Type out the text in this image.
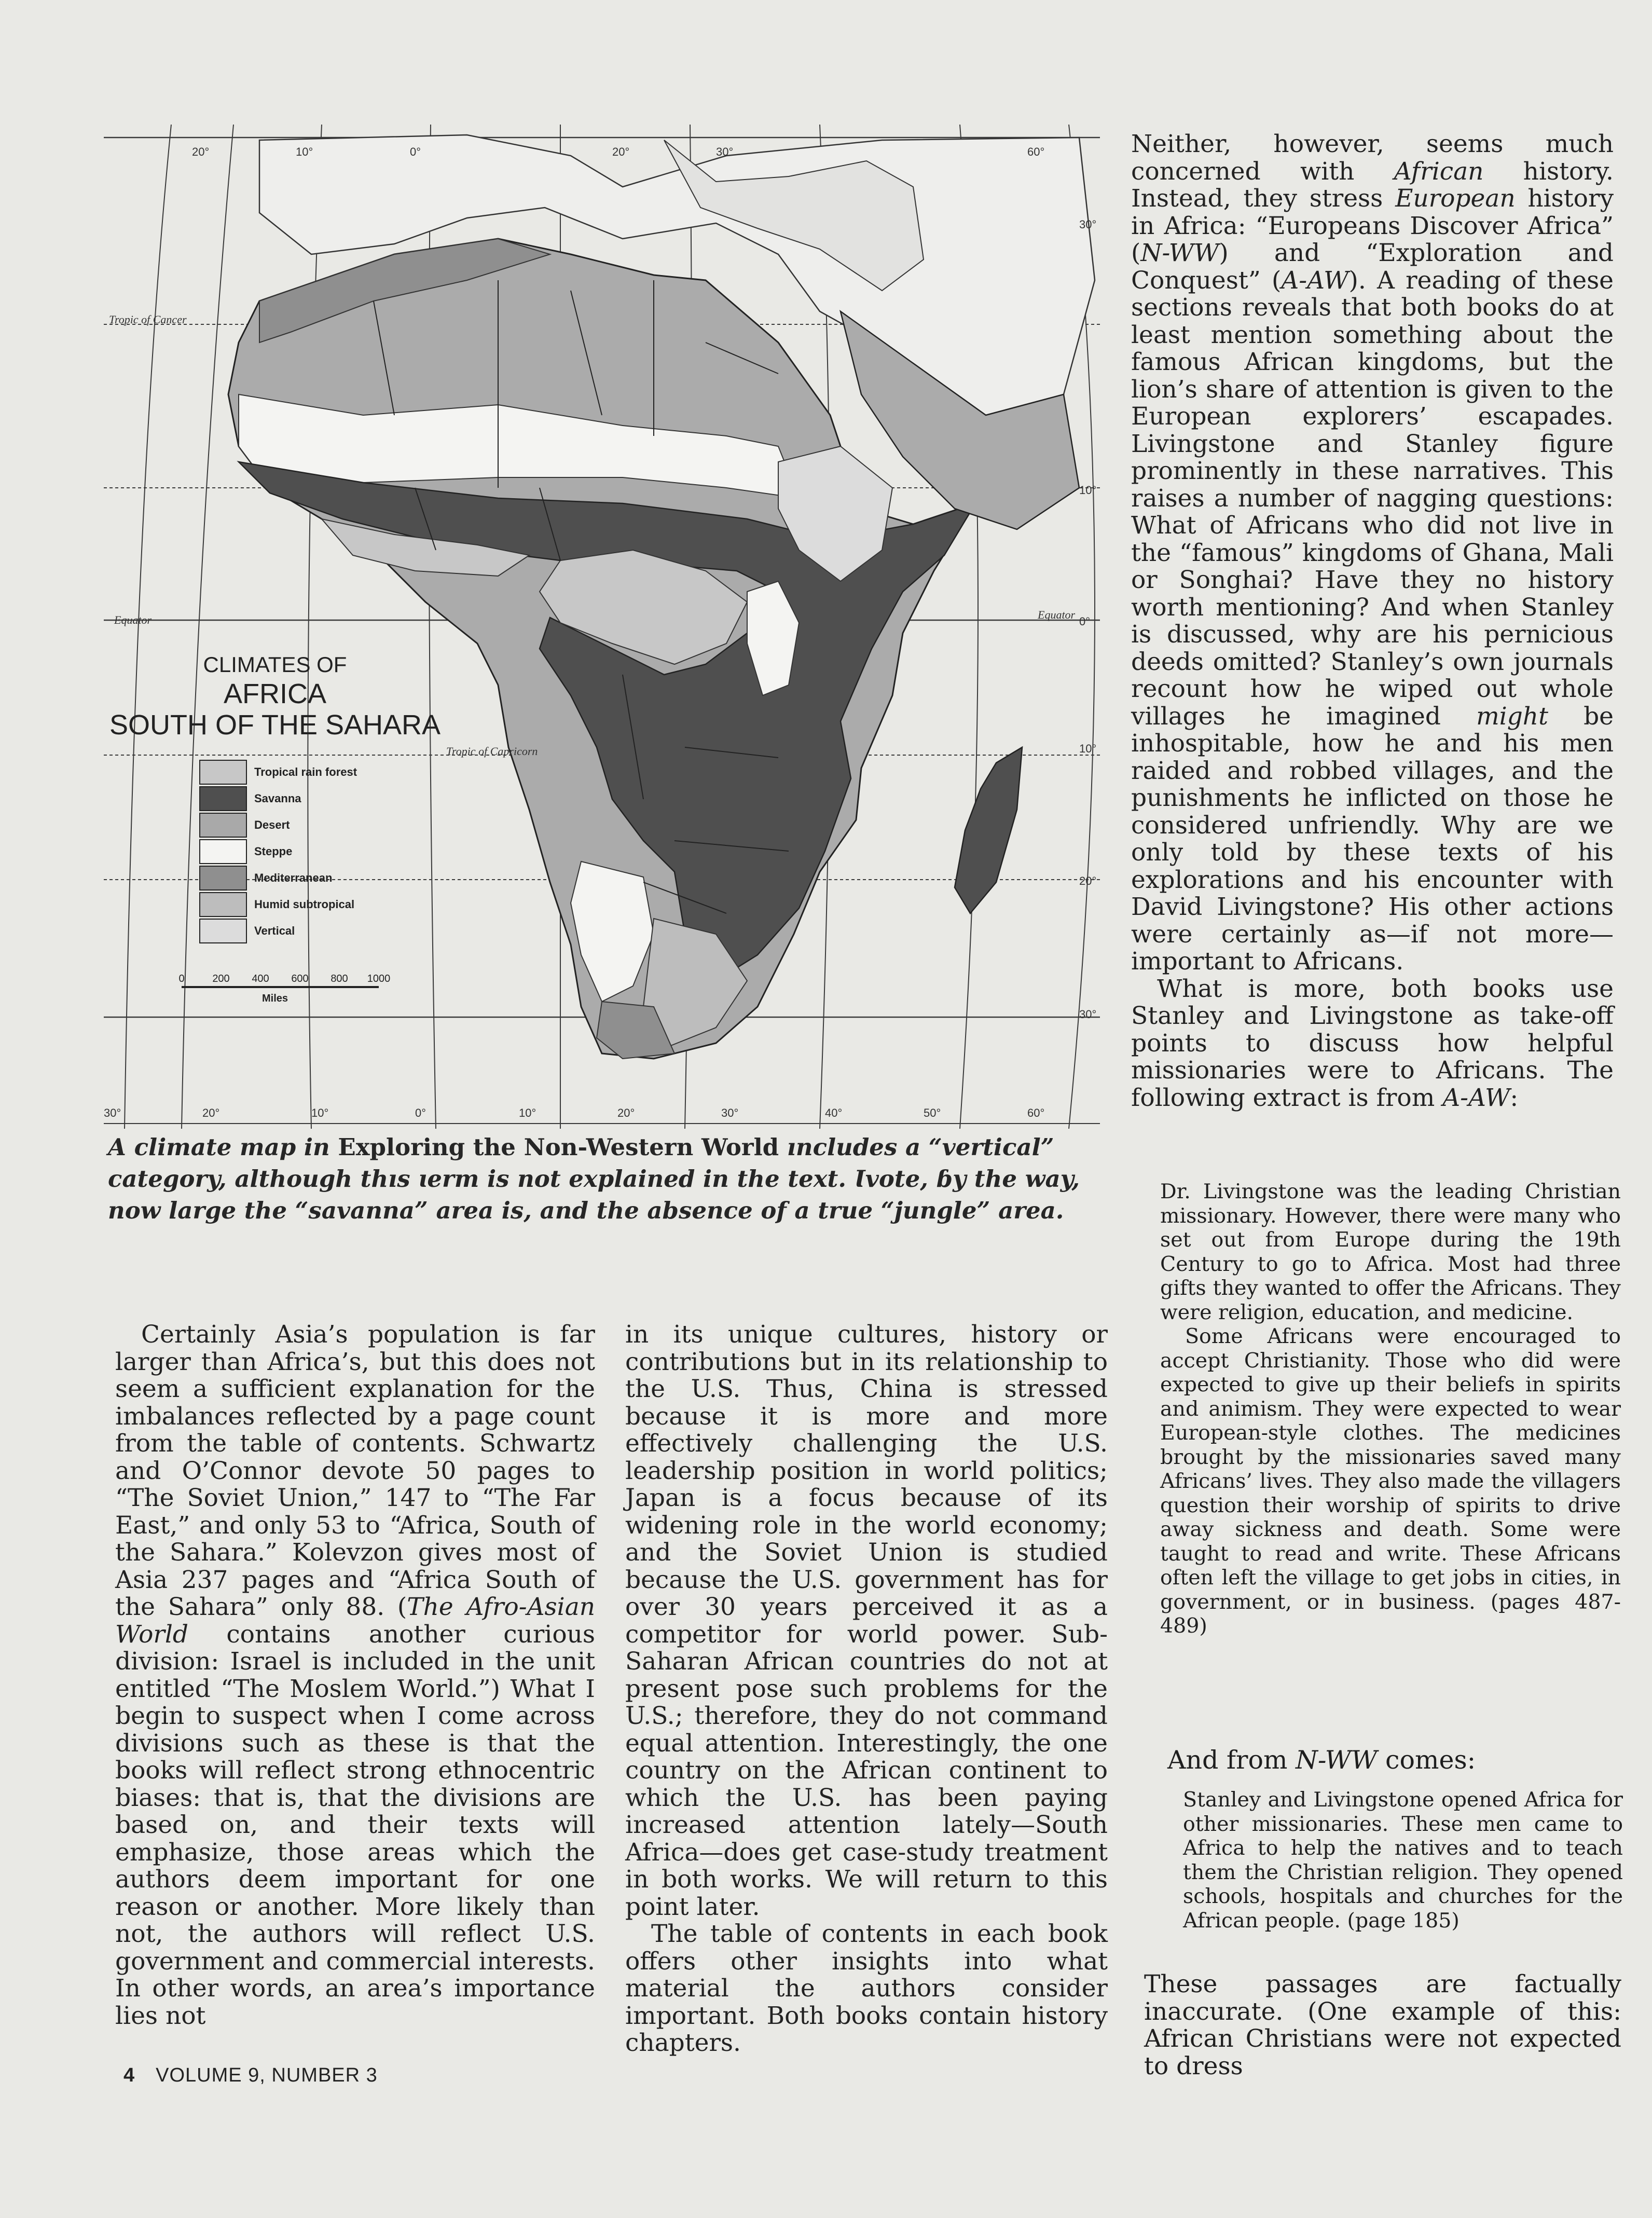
Tropic of Cancer
Equator	Equator
Tropic of Capricorn
20°	10°	0°	20°	30°	60°
30°	20°	10°	0°	10°	20°	30°	40°	50°	60°
30°
10°
0°
10°
20°
30°
CLIMATES OF
AFRICA
SOUTH OF THE SAHARA
Tropical rain forest
Savanna
Desert
Steppe
Mediterranean
Humid subtropical
Vertical
0	200 400 600 800 1000
Miles

A climate map in Exploring the Non-Western World ıncludes a “vertical” category, although thıs ɩerm is not explained in the text. Ɩvote, ɓy the way, now large the “savanna” area is, and the absence of a true “jungle” area.

Certainly Asia’s population is far larger than Africa’s, but this does not seem a sufficient explanation for the imbalances reflected by a page count from the table of contents. Schwartz and O’Connor devote 50 pages to “The Soviet Union,” 147 to “The Far East,” and only 53 to “Africa, South of the Sahara.” Kolevzon gives most of Asia 237 pages and “Africa South of the Sahara” only 88. (The Afro-Asian World contains another curious division: Israel is included in the unit entitled “The Moslem World.”) What I begin to suspect when I come across divisions such as these is that the books will reflect strong ethnocentric biases: that is, that the divisions are based on, and their texts will emphasize, those areas which the authors deem important for one reason or another. More likely than not, the authors will reflect U.S. government and commercial interests. In other words, an area’s importance lies not

in its unique cultures, history or contributions but in its relationship to the U.S. Thus, China is stressed because it is more and more effectively challenging the U.S. leadership position in world politics; Japan is a focus because of its widening role in the world economy; and the Soviet Union is studied because the U.S. government has for over 30 years perceived it as a competitor for world power. Sub-Saharan African countries do not at present pose such problems for the U.S.; therefore, they do not command equal attention. Interestingly, the one country on the African continent to which the U.S. has been paying increased attention lately—South Africa—does get case-study treatment in both works. We will return to this point later.

The table of contents in each book offers other insights into what material the authors consider important. Both books contain history chapters.

Neither, however, seems much concerned with African history. Instead, they stress European history in Africa: “Europeans Discover Africa” (N-WW) and “Exploration and Conquest” (A-AW). A reading of these sections reveals that both books do at least mention something about the famous African kingdoms, but the lion’s share of attention is given to the European explorers’ escapades. Livingstone and Stanley figure prominently in these narratives. This raises a number of nagging questions: What of Africans who did not live in the “famous” kingdoms of Ghana, Mali or Songhai? Have they no history worth mentioning? And when Stanley is discussed, why are his pernicious deeds omitted? Stanley’s own journals recount how he wiped out whole villages he imagined might be inhospitable, how he and his men raided and robbed villages, and the punishments he inflicted on those he considered unfriendly. Why are we only told by these texts of his explorations and his encounter with David Livingstone? His other actions were certainly as—if not more—important to Africans.

What is more, both books use Stanley and Livingstone as take-off points to discuss how helpful missionaries were to Africans. The following extract is from A-AW:

Dr. Livingstone was the leading Christian missionary. However, there were many who set out from Europe during the 19th Century to go to Africa. Most had three gifts they wanted to offer the Africans. They were religion, education, and medicine.

Some Africans were encouraged to accept Christianity. Those who did were expected to give up their beliefs in spirits and animism. They were expected to wear European-style clothes. The medicines brought by the missionaries saved many Africans’ lives. They also made the villagers question their worship of spirits to drive away sickness and death. Some were taught to read and write. These Africans often left the village to get jobs in cities, in government, or in business. (pages 487-489)

And from N-WW comes:

Stanley and Livingstone opened Africa for other missionaries. These men came to Africa to help the natives and to teach them the Christian religion. They opened schools, hospitals and churches for the African people. (page 185)

These passages are factually inaccurate. (One example of this: African Christians were not expected to dress

4 VOLUME 9, NUMBER 3
